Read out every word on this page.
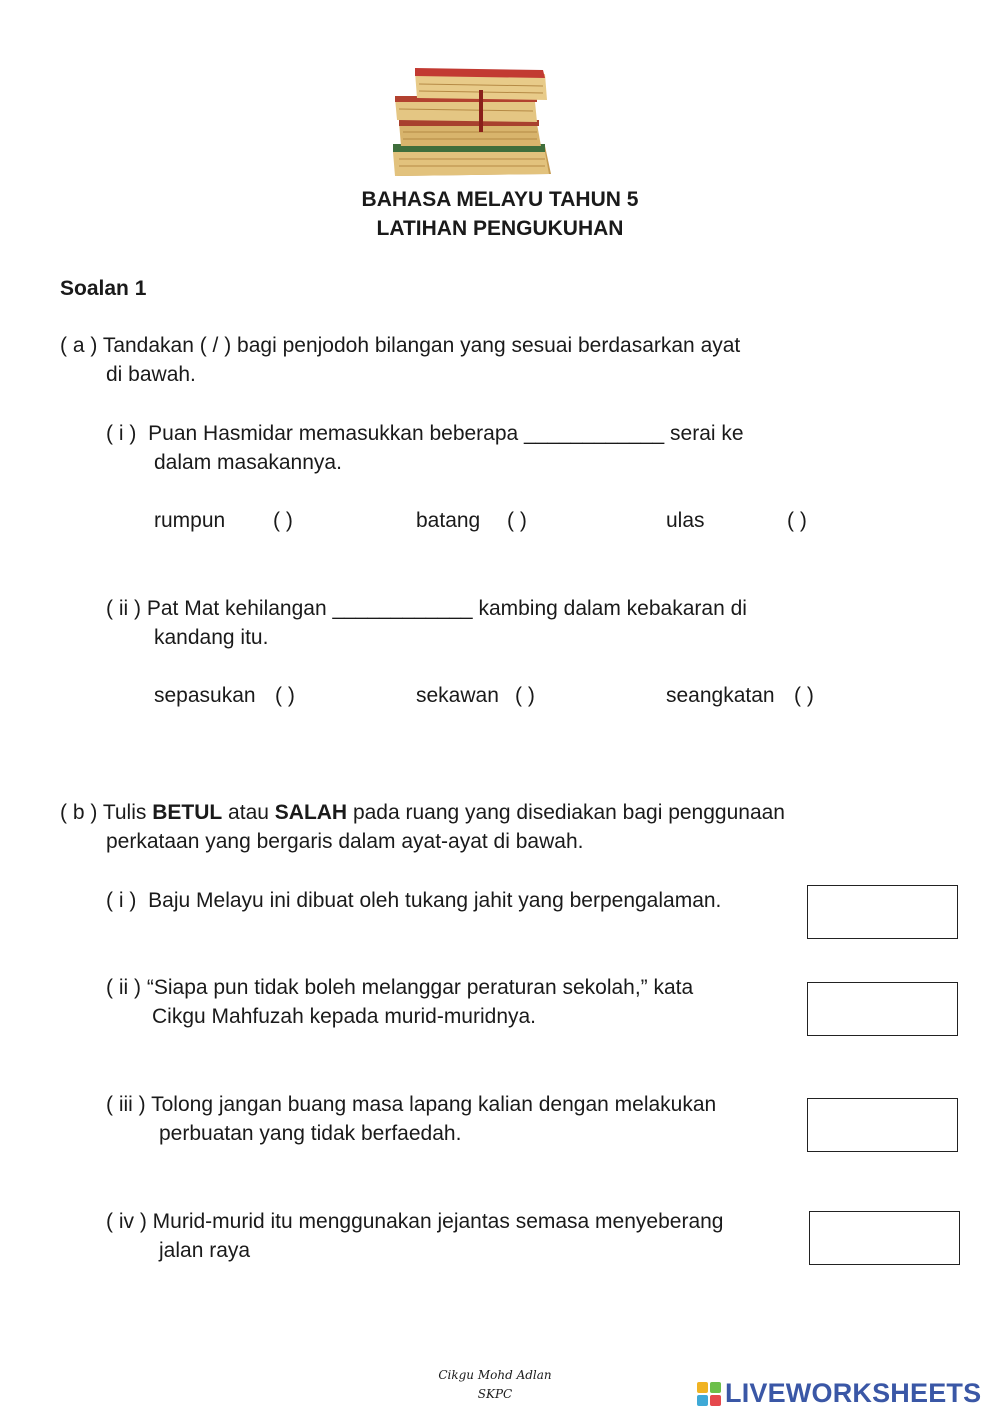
BAHASA MELAYU TAHUN 5
LATIHAN PENGUKUHAN
Soalan 1
( a ) Tandakan ( / ) bagi penjodoh bilangan yang sesuai berdasarkan ayat
di bawah.
( i ) Puan Hasmidar memasukkan beberapa ____________ serai ke
dalam masakannya.
rumpun ( )	batang ( )	ulas	( )
( ii ) Pat Mat kehilangan ____________ kambing dalam kebakaran di
kandang itu.
sepasukan ( )	sekawan ( )	seangkatan ( )
( b ) Tulis BETUL atau SALAH pada ruang yang disediakan bagi penggunaan
perkataan yang bergaris dalam ayat-ayat di bawah.
( i ) Baju Melayu ini dibuat oleh tukang jahit yang berpengalaman.
( ii ) “Siapa pun tidak boleh melanggar peraturan sekolah,” kata
Cikgu Mahfuzah kepada murid-muridnya.
( iii ) Tolong jangan buang masa lapang kalian dengan melakukan
perbuatan yang tidak berfaedah.
( iv ) Murid-murid itu menggunakan jejantas semasa menyeberang
jalan raya
Cikgu Mohd Adlan
SKPC	LIVEWORKSHEETS
